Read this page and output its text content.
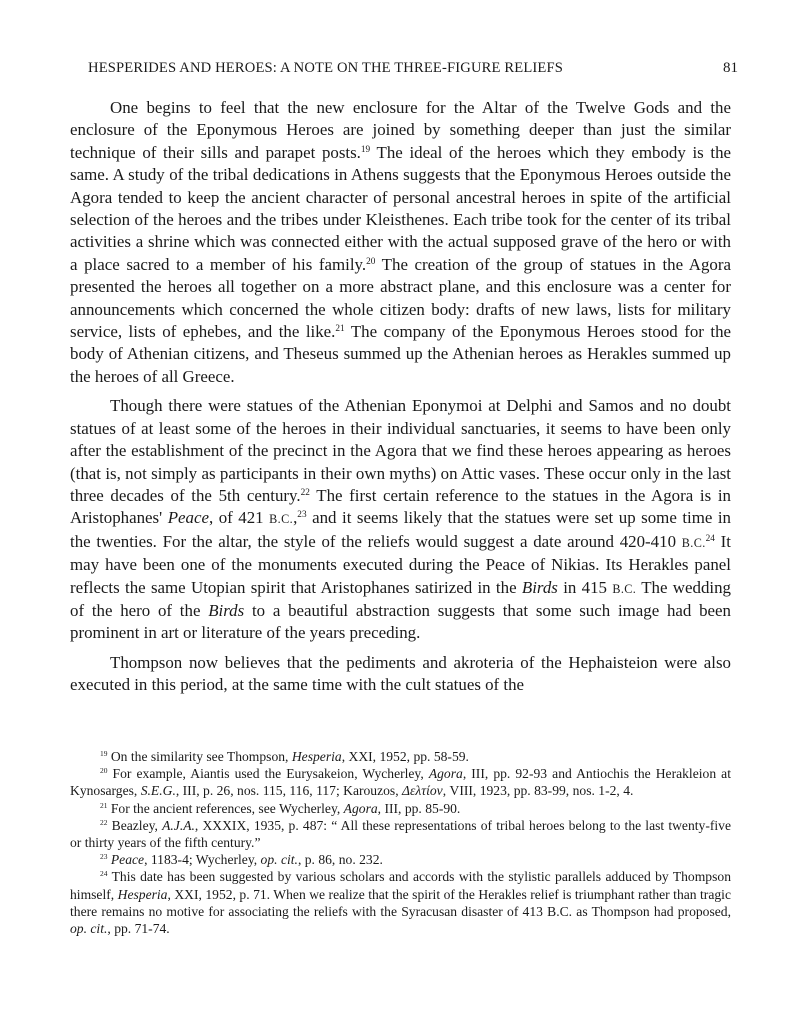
HESPERIDES AND HEROES: A NOTE ON THE THREE-FIGURE RELIEFS	81

One begins to feel that the new enclosure for the Altar of the Twelve Gods and the enclosure of the Eponymous Heroes are joined by something deeper than just the similar technique of their sills and parapet posts.$^{19}$ The ideal of the heroes which they embody is the same. A study of the tribal dedications in Athens suggests that the Eponymous Heroes outside the Agora tended to keep the ancient character of personal ancestral heroes in spite of the artificial selection of the heroes and the tribes under Kleisthenes. Each tribe took for the center of its tribal activities a shrine which was connected either with the actual supposed grave of the hero or with a place sacred to a member of his family.$^{20}$ The creation of the group of statues in the Agora presented the heroes all together on a more abstract plane, and this enclosure was a center for announcements which concerned the whole citizen body: drafts of new laws, lists for military service, lists of ephebes, and the like.$^{21}$ The company of the Eponymous Heroes stood for the body of Athenian citizens, and Theseus summed up the Athenian heroes as Herakles summed up the heroes of all Greece.

Though there were statues of the Athenian Eponymoi at Delphi and Samos and no doubt statues of at least some of the heroes in their individual sanctuaries, it seems to have been only after the establishment of the precinct in the Agora that we find these heroes appearing as heroes (that is, not simply as participants in their own myths) on Attic vases. These occur only in the last three decades of the 5th century.$^{22}$ The first certain reference to the statues in the Agora is in Aristophanes' Peace, of 421 B.C.,$^{23}$ and it seems likely that the statues were set up some time in the twenties. For the altar, the style of the reliefs would suggest a date around 420-410 B.C.$^{24}$ It may have been one of the monuments executed during the Peace of Nikias. Its Herakles panel reflects the same Utopian spirit that Aristophanes satirized in the Birds in 415 B.C. The wedding of the hero of the Birds to a beautiful abstraction suggests that some such image had been prominent in art or literature of the years preceding.

Thompson now believes that the pediments and akroteria of the Hephaisteion were also executed in this period, at the same time with the cult statues of the

$^{19}$ On the similarity see Thompson, Hesperia, XXI, 1952, pp. 58-59.

$^{20}$ For example, Aiantis used the Eurysakeion, Wycherley, Agora, III, pp. 92-93 and Antiochis the Herakleion at Kynosarges, S.E.G., III, p. 26, nos. 115, 116, 117; Karouzos, Δελτίον, VIII, 1923, pp. 83-99, nos. 1-2, 4.

$^{21}$ For the ancient references, see Wycherley, Agora, III, pp. 85-90.

$^{22}$ Beazley, A.J.A., XXXIX, 1935, p. 487: “ All these representations of tribal heroes belong to the last twenty-five or thirty years of the fifth century.”

$^{23}$ Peace, 1183-4; Wycherley, op. cit., p. 86, no. 232.

$^{24}$ This date has been suggested by various scholars and accords with the stylistic parallels adduced by Thompson himself, Hesperia, XXI, 1952, p. 71. When we realize that the spirit of the Herakles relief is triumphant rather than tragic there remains no motive for associating the reliefs with the Syracusan disaster of 413 B.C. as Thompson had proposed, op. cit., pp. 71-74.
